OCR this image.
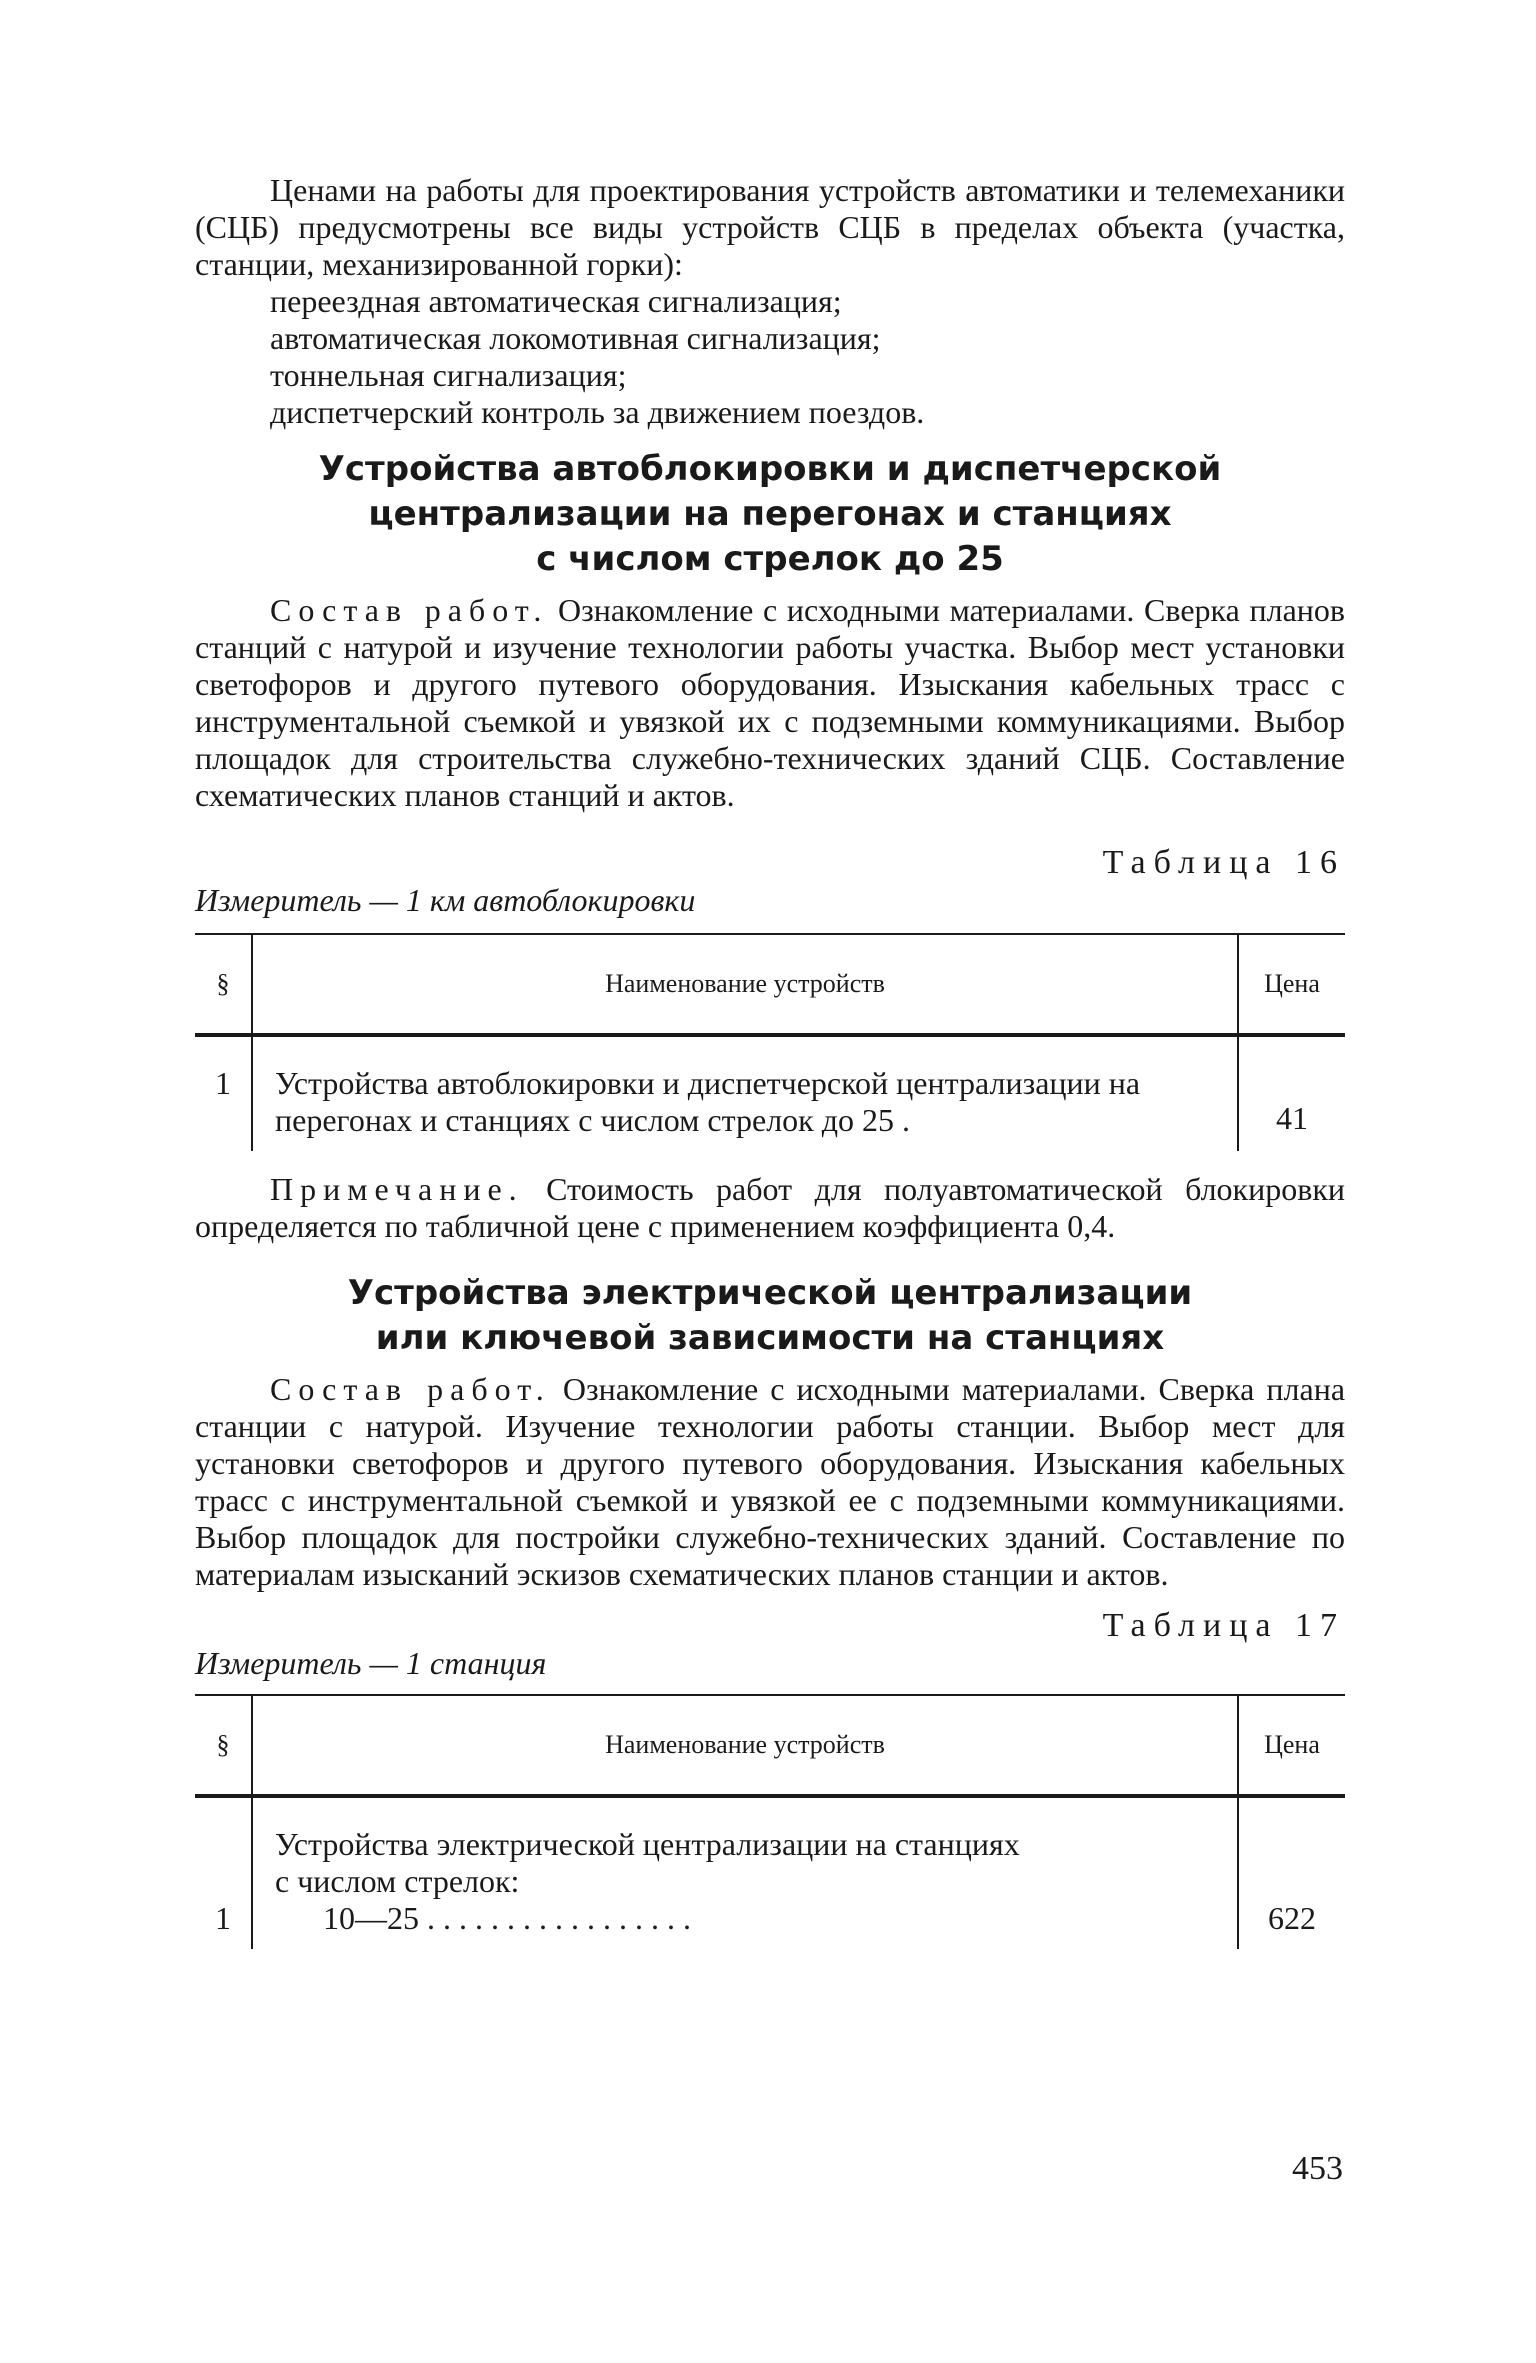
Ценами на работы для проектирования устройств автоматики и телемеханики (СЦБ) предусмотрены все виды устройств СЦБ в пределах объекта (участка, станции, механизированной горки):

переездная автоматическая сигнализация;

автоматическая локомотивная сигнализация;

тоннельная сигнализация;

диспетчерский контроль за движением поездов.

Устройства автоблокировки и диспетчерской
централизации на перегонах и станциях
с числом стрелок до 25

Состав работ. Ознакомление с исходными материалами. Сверка планов станций с натурой и изучение технологии работы участка. Выбор мест установки светофоров и другого путевого оборудования. Изыскания кабельных трасс с инструментальной съемкой и увязкой их с подземными коммуникациями. Выбор площадок для строительства служебно-технических зданий СЦБ. Составление схематических планов станций и актов.

Таблица 16

Измеритель — 1 км автоблокировки

§	Наименование устройств	Цена
1	Устройства автоблокировки и диспетчерской централизации на перегонах и станциях с числом стрелок до 25 .	41

Примечание. Стоимость работ для полуавтоматической блокировки определяется по табличной цене с применением коэффициента 0,4.

Устройства электрической централизации
или ключевой зависимости на станциях

Состав работ. Ознакомление с исходными материалами. Сверка плана станции с натурой. Изучение технологии работы станции. Выбор мест для установки светофоров и другого путевого оборудования. Изыскания кабельных трасс с инструментальной съемкой и увязкой ее с подземными коммуникациями. Выбор площадок для постройки служебно-технических зданий. Составление по материалам изысканий эскизов схематических планов станции и актов.

Таблица 17

Измеритель — 1 станция

§	Наименование устройств	Цена
1	Устройства электрической централизации на станциях
с числом стрелок:
10—25 . . . . . . . . . . . . . . . . .	622
453
